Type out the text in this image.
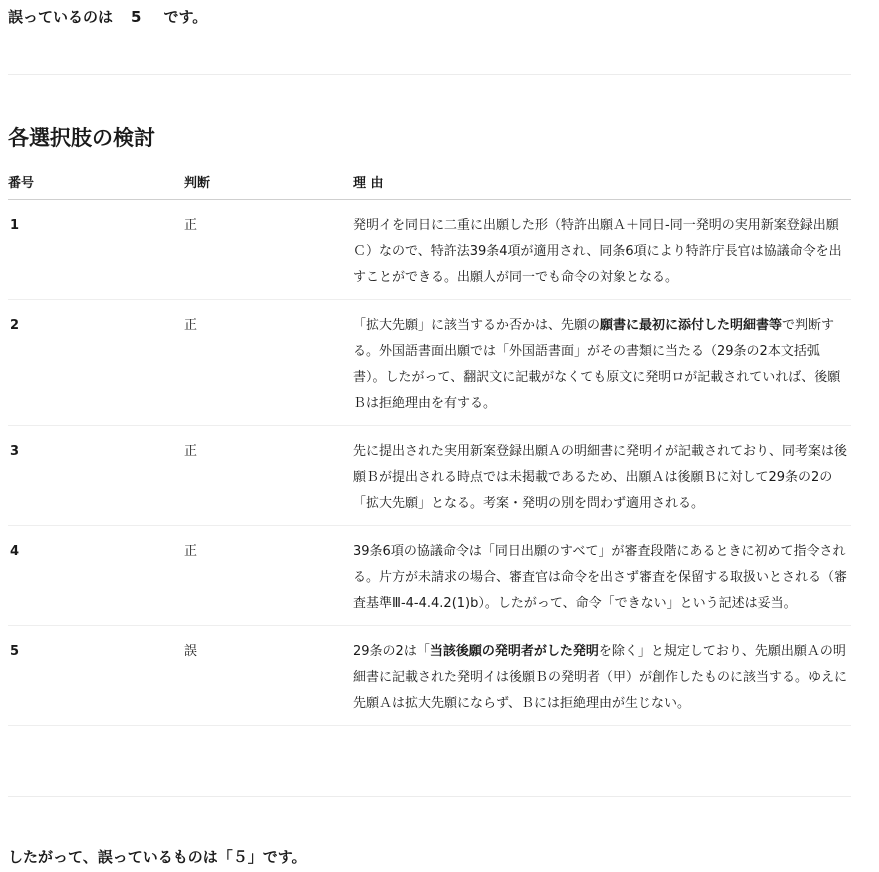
誤っているのは 5 です。
各選択肢の検討
番号	判断	理 由
1	正	発明イを同日に二重に出願した形（特許出願Ａ＋同日‐同一発明の実用新案登録出願Ｃ）なので、特許法39条4項が適用され、同条6項により特許庁長官は協議命令を出すことができる。出願人が同一でも命令の対象となる。
2	正	「拡大先願」に該当するか否かは、先願の願書に最初に添付した明細書等で判断する。外国語書面出願では「外国語書面」がその書類に当たる（29条の2本文括弧書）。したがって、翻訳文に記載がなくても原文に発明ロが記載されていれば、後願Ｂは拒絶理由を有する。
3	正	先に提出された実用新案登録出願Ａの明細書に発明イが記載されており、同考案は後願Ｂが提出される時点では未掲載であるため、出願Ａは後願Ｂに対して29条の2の「拡大先願」となる。考案・発明の別を問わず適用される。
4	正	39条6項の協議命令は「同日出願のすべて」が審査段階にあるときに初めて指令される。片方が未請求の場合、審査官は命令を出さず審査を保留する取扱いとされる（審査基準Ⅲ‐4‐4.4.2(1)b）。したがって、命令「できない」という記述は妥当。
5	誤	29条の2は「当該後願の発明者がした発明を除く」と規定しており、先願出願Ａの明細書に記載された発明イは後願Ｂの発明者（甲）が創作したものに該当する。ゆえに先願Ａは拡大先願にならず、Ｂには拒絶理由が生じない。
したがって、誤っているものは「５」です。
